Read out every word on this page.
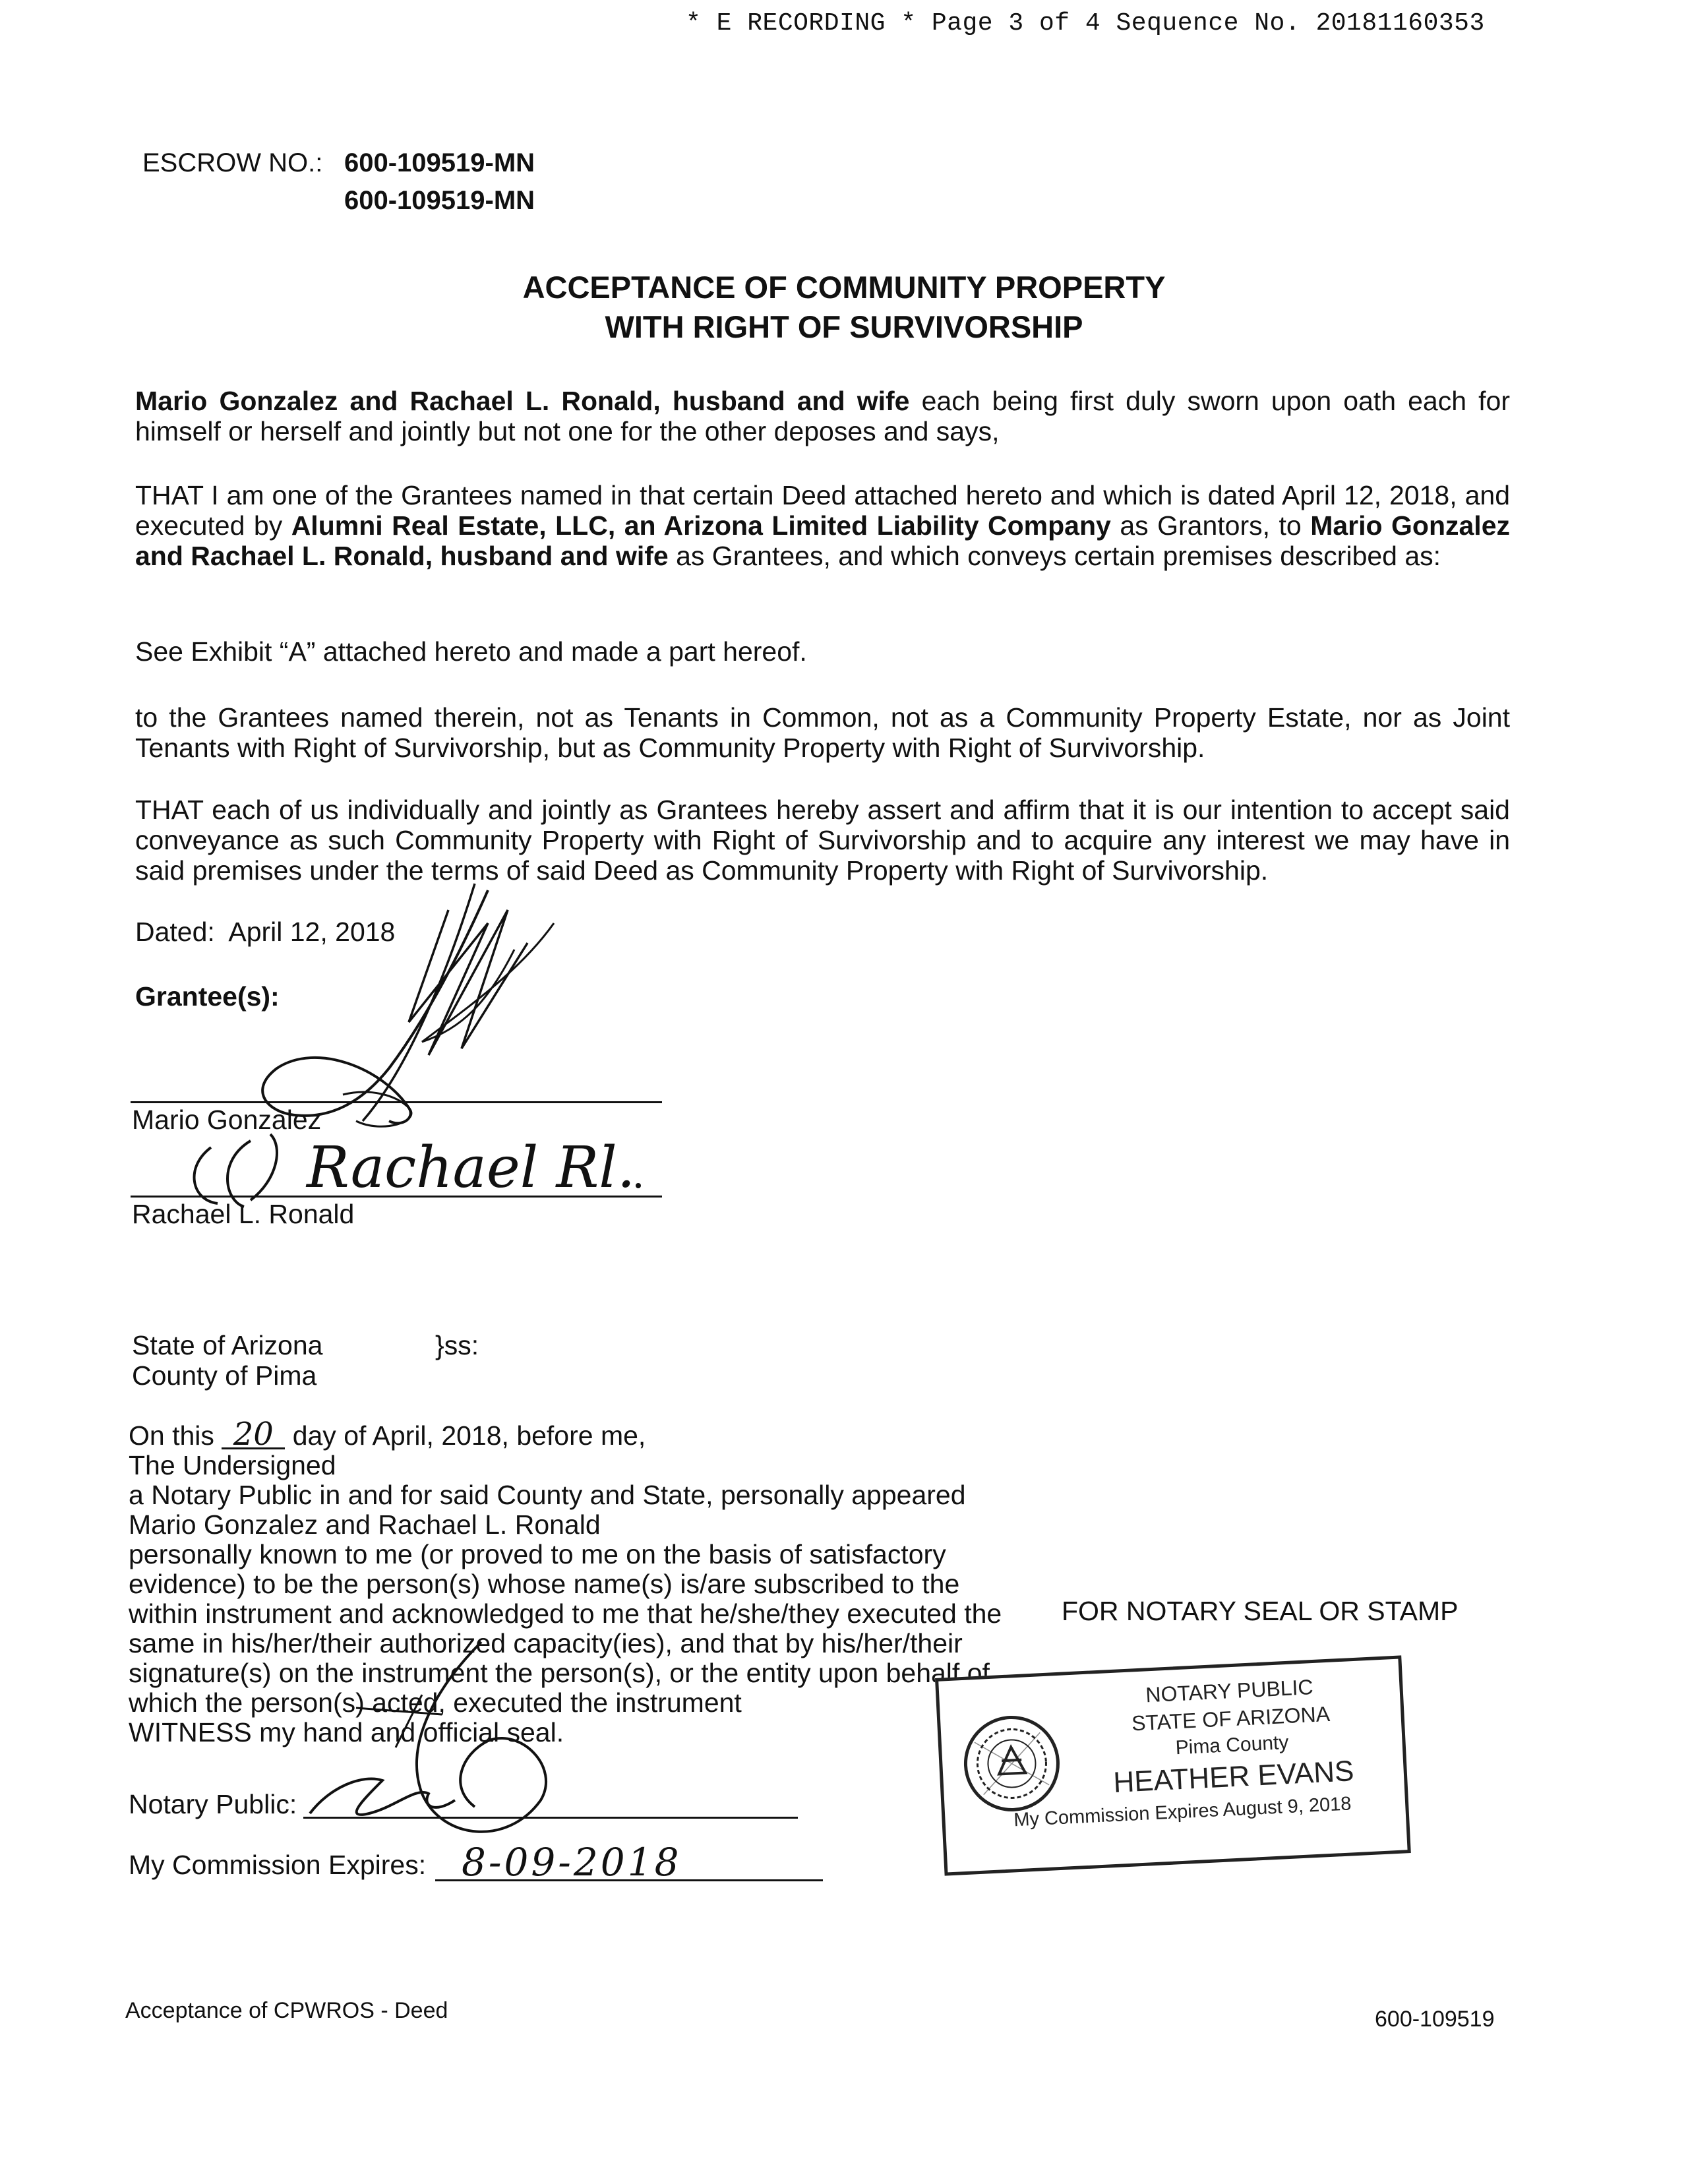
* E RECORDING * Page 3 of 4 Sequence No. 20181160353
ESCROW NO.: 600-109519-MN
600-109519-MN
ACCEPTANCE OF COMMUNITY PROPERTY
WITH RIGHT OF SURVIVORSHIP
Mario Gonzalez and Rachael L. Ronald, husband and wife each being first duly sworn upon oath each for himself or herself and jointly but not one for the other deposes and says,
THAT I am one of the Grantees named in that certain Deed attached hereto and which is dated April 12, 2018, and executed by Alumni Real Estate, LLC, an Arizona Limited Liability Company as Grantors, to Mario Gonzalez and Rachael L. Ronald, husband and wife as Grantees, and which conveys certain premises described as:
See Exhibit “A” attached hereto and made a part hereof.
to the Grantees named therein, not as Tenants in Common, not as a Community Property Estate, nor as Joint Tenants with Right of Survivorship, but as Community Property with Right of Survivorship.
THAT each of us individually and jointly as Grantees hereby assert and affirm that it is our intention to accept said conveyance as such Community Property with Right of Survivorship and to acquire any interest we may have in said premises under the terms of said Deed as Community Property with Right of Survivorship.
Dated: April 12, 2018
Grantee(s):
Mario Gonzalez
Rachael Rl.
Rachael L. Ronald
State of Arizona	}ss:
County of Pima
On this 20 day of April, 2018, before me,
The Undersigned
a Notary Public in and for said County and State, personally appeared
Mario Gonzalez and Rachael L. Ronald
personally known to me (or proved to me on the basis of satisfactory
evidence) to be the person(s) whose name(s) is/are subscribed to the
within instrument and acknowledged to me that he/she/they executed the
same in his/her/their authorized capacity(ies), and that by his/her/their
signature(s) on the instrument the person(s), or the entity upon behalf of
which the person(s) acted, executed the instrument
WITNESS my hand and official seal.
Notary Public:
My Commission Expires: 8-09-2018
FOR NOTARY SEAL OR STAMP
NOTARY PUBLIC
STATE OF ARIZONA
Pima County
HEATHER EVANS
My Commission Expires August 9, 2018
Acceptance of CPWROS - Deed	600-109519
